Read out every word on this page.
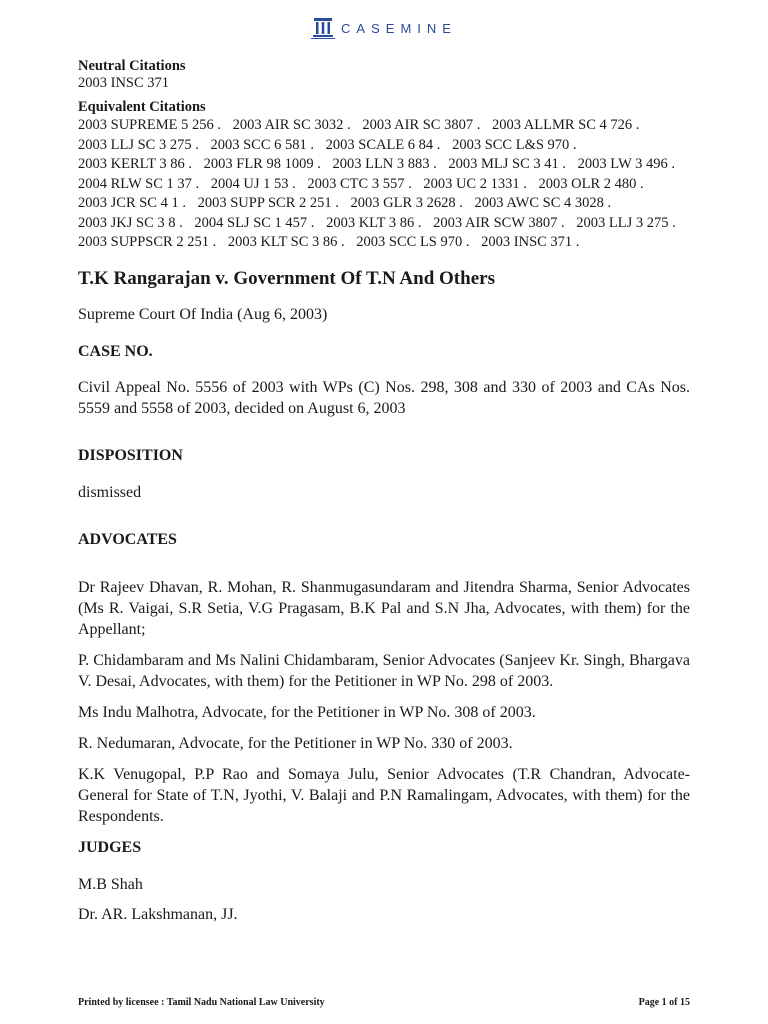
CASEMINE
Neutral Citations
2003 INSC 371
Equivalent Citations
2003 SUPREME 5 256 . 2003 AIR SC 3032 . 2003 AIR SC 3807 . 2003 ALLMR SC 4 726 . 2003 LLJ SC 3 275 . 2003 SCC 6 581 . 2003 SCALE 6 84 . 2003 SCC L&S 970 . 2003 KERLT 3 86 . 2003 FLR 98 1009 . 2003 LLN 3 883 . 2003 MLJ SC 3 41 . 2003 LW 3 496 . 2004 RLW SC 1 37 . 2004 UJ 1 53 . 2003 CTC 3 557 . 2003 UC 2 1331 . 2003 OLR 2 480 . 2003 JCR SC 4 1 . 2003 SUPP SCR 2 251 . 2003 GLR 3 2628 . 2003 AWC SC 4 3028 . 2003 JKJ SC 3 8 . 2004 SLJ SC 1 457 . 2003 KLT 3 86 . 2003 AIR SCW 3807 . 2003 LLJ 3 275 . 2003 SUPPSCR 2 251 . 2003 KLT SC 3 86 . 2003 SCC LS 970 . 2003 INSC 371 .
T.K Rangarajan v. Government Of T.N And Others

Supreme Court Of India (Aug 6, 2003)

CASE NO.

Civil Appeal No. 5556 of 2003 with WPs (C) Nos. 298, 308 and 330 of 2003 and CAs Nos. 5559 and 5558 of 2003, decided on August 6, 2003

DISPOSITION

dismissed

ADVOCATES

Dr Rajeev Dhavan, R. Mohan, R. Shanmugasundaram and Jitendra Sharma, Senior Advocates (Ms R. Vaigai, S.R Setia, V.G Pragasam, B.K Pal and S.N Jha, Advocates, with them) for the Appellant;

P. Chidambaram and Ms Nalini Chidambaram, Senior Advocates (Sanjeev Kr. Singh, Bhargava V. Desai, Advocates, with them) for the Petitioner in WP No. 298 of 2003.

Ms Indu Malhotra, Advocate, for the Petitioner in WP No. 308 of 2003.

R. Nedumaran, Advocate, for the Petitioner in WP No. 330 of 2003.

K.K Venugopal, P.P Rao and Somaya Julu, Senior Advocates (T.R Chandran, Advocate-General for State of T.N, Jyothi, V. Balaji and P.N Ramalingam, Advocates, with them) for the Respondents.

JUDGES

M.B Shah

Dr. AR. Lakshmanan, JJ.

Printed by licensee : Tamil Nadu National Law University	Page 1 of 15
